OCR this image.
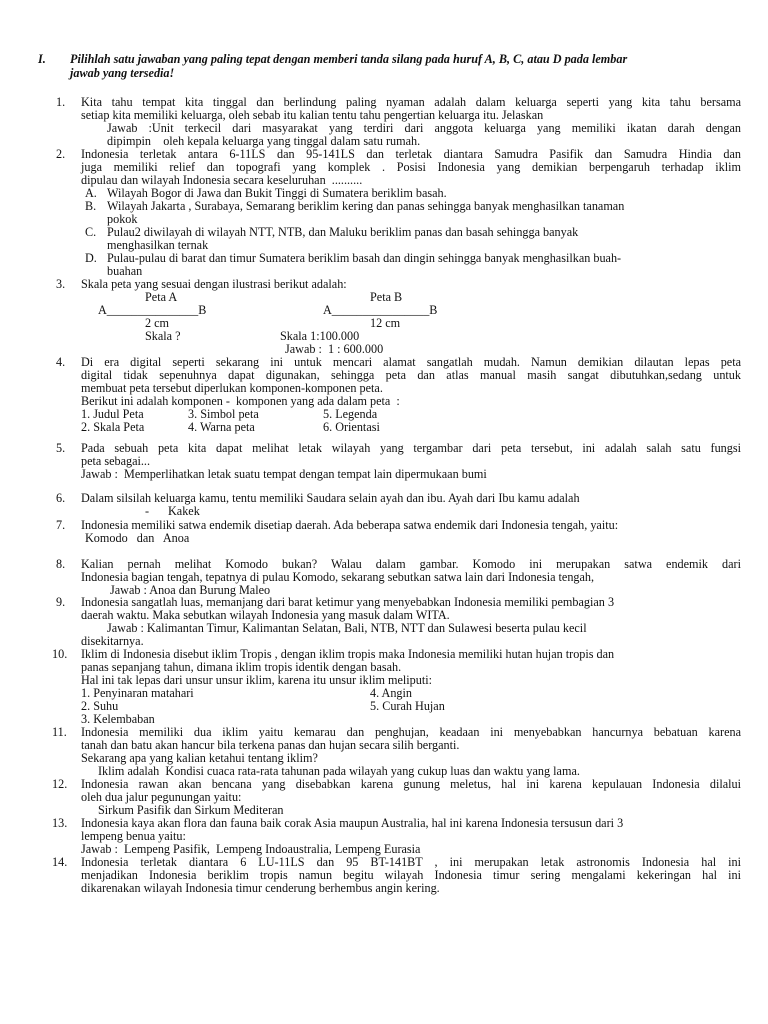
I. Pilihlah satu jawaban yang paling tepat dengan memberi tanda silang pada huruf A, B, C, atau D pada lembar
jawab yang tersedia!
1. Kita tahu tempat kita tinggal dan berlindung paling nyaman adalah dalam keluarga seperti yang kita tahu bersama
setiap kita memiliki keluarga, oleh sebab itu kalian tentu tahu pengertian keluarga itu. Jelaskan
Jawab :Unit terkecil dari masyarakat yang terdiri dari anggota keluarga yang memiliki ikatan darah dengan
dipimpin    oleh kepala keluarga yang tinggal dalam satu rumah.
2. Indonesia terletak antara 6-11LS dan 95-141LS dan terletak diantara Samudra Pasifik dan Samudra Hindia dan
juga memiliki relief dan topografi yang komplek . Posisi Indonesia yang demikian berpengaruh terhadap iklim
dipulau dan wilayah Indonesia secara keseluruhan  ..........
A. Wilayah Bogor di Jawa dan Bukit Tinggi di Sumatera beriklim basah.
B. Wilayah Jakarta , Surabaya, Semarang beriklim kering dan panas sehingga banyak menghasilkan tanaman
pokok
C. Pulau2 diwilayah di wilayah NTT, NTB, dan Maluku beriklim panas dan basah sehingga banyak
menghasilkan ternak
D. Pulau-pulau di barat dan timur Sumatera beriklim basah dan dingin sehingga banyak menghasilkan buah-
buahan
3. Skala peta yang sesuai dengan ilustrasi berikut adalah:
Peta A	Peta B
A_______________B	A________________B
2 cm	12 cm
Skala ?	Skala 1:100.000
Jawab :  1 : 600.000
4. Di era digital seperti sekarang ini untuk mencari alamat sangatlah mudah. Namun demikian dilautan lepas peta
digital tidak sepenuhnya dapat digunakan, sehingga peta dan atlas manual masih sangat dibutuhkan,sedang untuk
membuat peta tersebut diperlukan komponen-komponen peta.
Berikut ini adalah komponen -  komponen yang ada dalam peta  :
1. Judul Peta	3. Simbol peta	5. Legenda
2. Skala Peta	4. Warna peta	6. Orientasi
5. Pada sebuah peta kita dapat melihat letak wilayah yang tergambar dari peta tersebut, ini adalah salah satu fungsi
peta sebagai...
Jawab :  Memperlihatkan letak suatu tempat dengan tempat lain dipermukaan bumi
6. Dalam silsilah keluarga kamu, tentu memiliki Saudara selain ayah dan ibu. Ayah dari Ibu kamu adalah
- Kakek
7. Indonesia memiliki satwa endemik disetiap daerah. Ada beberapa satwa endemik dari Indonesia tengah, yaitu:
Komodo   dan   Anoa
8. Kalian pernah melihat Komodo bukan? Walau dalam gambar. Komodo ini merupakan satwa endemik dari
Indonesia bagian tengah, tepatnya di pulau Komodo, sekarang sebutkan satwa lain dari Indonesia tengah,
Jawab : Anoa dan Burung Maleo
9. Indonesia sangatlah luas, memanjang dari barat ketimur yang menyebabkan Indonesia memiliki pembagian 3
daerah waktu. Maka sebutkan wilayah Indonesia yang masuk dalam WITA.
Jawab : Kalimantan Timur, Kalimantan Selatan, Bali, NTB, NTT dan Sulawesi beserta pulau kecil
disekitarnya.
10. Iklim di Indonesia disebut iklim Tropis , dengan iklim tropis maka Indonesia memiliki hutan hujan tropis dan
panas sepanjang tahun, dimana iklim tropis identik dengan basah.
Hal ini tak lepas dari unsur unsur iklim, karena itu unsur iklim meliputi:
1. Penyinaran matahari	4. Angin
2. Suhu	5. Curah Hujan
3. Kelembaban
11. Indonesia memiliki dua iklim yaitu kemarau dan penghujan, keadaan ini menyebabkan hancurnya bebatuan karena
tanah dan batu akan hancur bila terkena panas dan hujan secara silih berganti.
Sekarang apa yang kalian ketahui tentang iklim?
Iklim adalah  Kondisi cuaca rata-rata tahunan pada wilayah yang cukup luas dan waktu yang lama.
12. Indonesia rawan akan bencana yang disebabkan karena gunung meletus, hal ini karena kepulauan Indonesia dilalui
oleh dua jalur pegunungan yaitu:
Sirkum Pasifik dan Sirkum Mediteran
13. Indonesia kaya akan flora dan fauna baik corak Asia maupun Australia, hal ini karena Indonesia tersusun dari 3
lempeng benua yaitu:
Jawab :  Lempeng Pasifik,  Lempeng Indoaustralia, Lempeng Eurasia
14. Indonesia terletak diantara 6 LU-11LS dan 95 BT-141BT , ini merupakan letak astronomis Indonesia hal ini
menjadikan Indonesia beriklim tropis namun begitu wilayah Indonesia timur sering mengalami kekeringan hal ini
dikarenakan wilayah Indonesia timur cenderung berhembus angin kering.
